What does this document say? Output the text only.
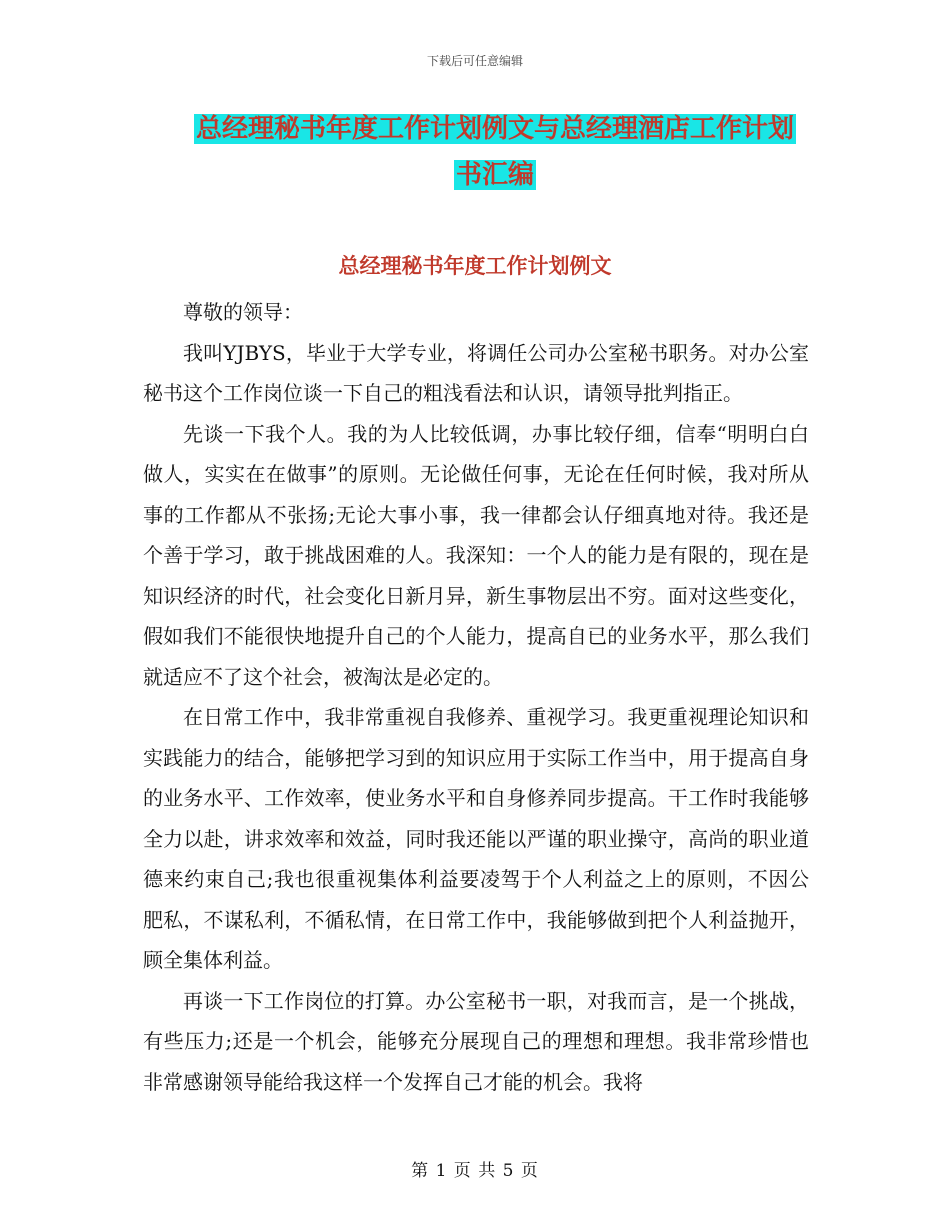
下载后可任意编辑
总经理秘书年度工作计划例文与总经理酒店工作计划
书汇编
总经理秘书年度工作计划例文

尊敬的领导：

我叫YJBYS，毕业于大学专业，将调任公司办公室秘书职务。对办公室秘书这个工作岗位谈一下自己的粗浅看法和认识，请领导批判指正。

先谈一下我个人。我的为人比较低调，办事比较仔细，信奉“明明白白做人，实实在在做事”的原则。无论做任何事，无论在任何时候，我对所从事的工作都从不张扬;无论大事小事，我一律都会认仔细真地对待。我还是个善于学习，敢于挑战困难的人。我深知：一个人的能力是有限的，现在是知识经济的时代，社会变化日新月异，新生事物层出不穷。面对这些变化，假如我们不能很快地提升自己的个人能力，提高自已的业务水平，那么我们就适应不了这个社会，被淘汰是必定的。

在日常工作中，我非常重视自我修养、重视学习。我更重视理论知识和实践能力的结合，能够把学习到的知识应用于实际工作当中，用于提高自身的业务水平、工作效率，使业务水平和自身修养同步提高。干工作时我能够全力以赴，讲求效率和效益，同时我还能以严谨的职业操守，高尚的职业道德来约束自己;我也很重视集体利益要凌驾于个人利益之上的原则，不因公肥私，不谋私利，不循私情，在日常工作中，我能够做到把个人利益抛开，顾全集体利益。

再谈一下工作岗位的打算。办公室秘书一职，对我而言，是一个挑战，有些压力;还是一个机会，能够充分展现自己的理想和理想。我非常珍惜也非常感谢领导能给我这样一个发挥自己才能的机会。我将

第 1 页 共 5 页
